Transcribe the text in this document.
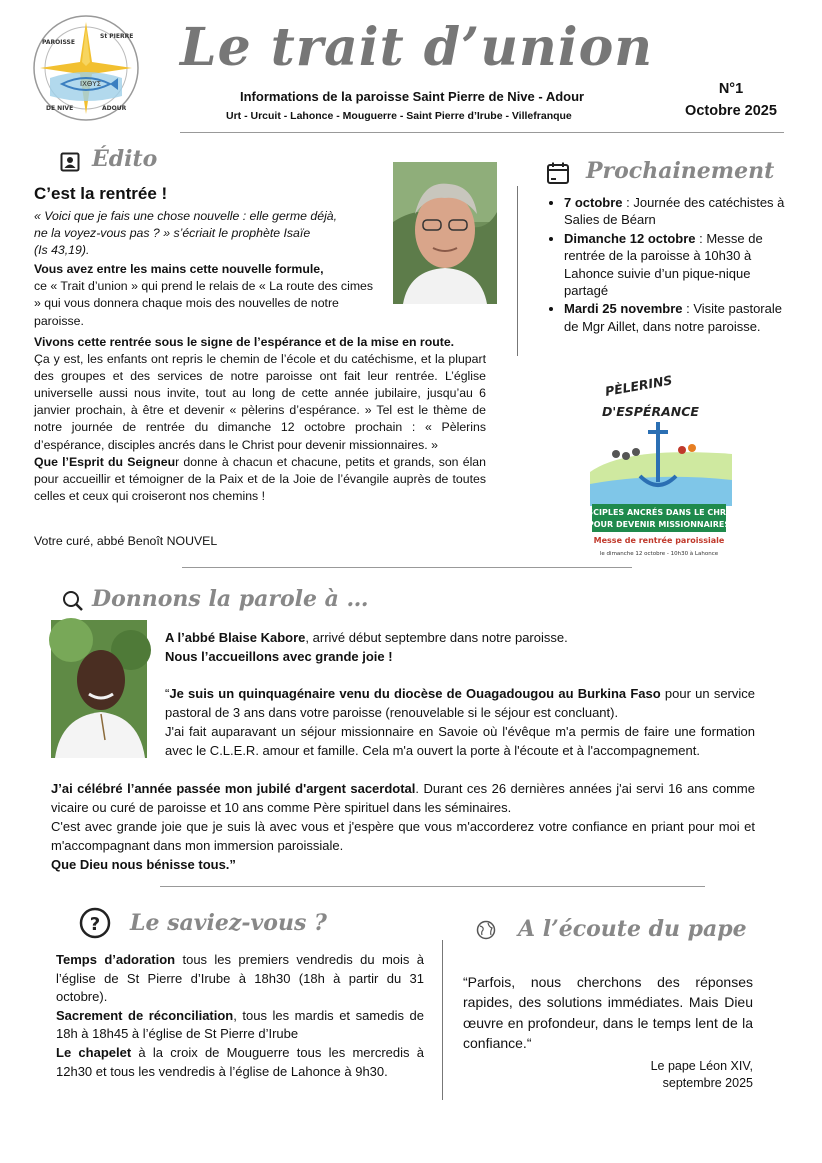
ΙΧΘΥΣ
PAROISSE
St PIERRE
DE NIVE	ADOUR
Le trait d’union
Informations de la paroisse Saint Pierre de Nive - Adour
Urt - Urcuit - Lahonce - Mouguerre - Saint Pierre d’Irube - Villefranque
N°1
Octobre 2025
Édito
C’est la rentrée !
« Voici que je fais une chose nouvelle : elle germe déjà,
ne la voyez-vous pas ? » s’écriait le prophète Isaïe
(Is 43,19).

Vous avez entre les mains cette nouvelle formule,

ce « Trait d’union » qui prend le relais de « La route des cimes » qui vous donnera chaque mois des nouvelles de notre paroisse.

Vivons cette rentrée sous le signe de l’espérance et de la mise en route.

Ça y est, les enfants ont repris le chemin de l’école et du catéchisme, et la plupart des groupes et des services de notre paroisse ont fait leur rentrée. L’église universelle aussi nous invite, tout au long de cette année jubilaire, jusqu’au 6 janvier prochain, à être et devenir « pèlerins d’espérance. » Tel est le thème de notre journée de rentrée du dimanche 12 octobre prochain : « Pèlerins d’espérance, disciples ancrés dans le Christ pour devenir missionnaires. »

Que l’Esprit du Seigneur donne à chacun et chacune, petits et grands, son élan pour accueillir et témoigner de la Paix et de la Joie de l’évangile auprès de toutes celles et ceux qui croiseront nos chemins !

Votre curé, abbé Benoît NOUVEL
Prochainement
• 7 octobre : Journée des catéchistes à Salies de Béarn
• Dimanche 12 octobre : Messe de rentrée de la paroisse à 10h30 à Lahonce suivie d’un pique-nique partagé
• Mardi 25 novembre : Visite pastorale de Mgr Aillet, dans notre paroisse.
PÈLERINS
D'ESPÉRANCE
DISCIPLES ANCRÉS DANS LE CHRIST
POUR DEVENIR MISSIONNAIRES
Messe de rentrée paroissiale
le dimanche 12 octobre - 10h30 à Lahonce
Donnons la parole à …

A l’abbé Blaise Kabore, arrivé début septembre dans notre paroisse.

Nous l’accueillons avec grande joie !

“Je suis un quinquagénaire venu du diocèse de Ouagadougou au Burkina Faso pour un service pastoral de 3 ans dans votre paroisse (renouvelable si le séjour est concluant).

J'ai fait auparavant un séjour missionnaire en Savoie où l'évêque m'a permis de faire une formation avec le C.L.E.R. amour et famille. Cela m'a ouvert la porte à l'écoute et à l'accompagnement.

J’ai célébré l’année passée mon jubilé d'argent sacerdotal. Durant ces 26 dernières années j'ai servi 16 ans comme vicaire ou curé de paroisse et 10 ans comme Père spirituel dans les séminaires.

C'est avec grande joie que je suis là avec vous et j'espère que vous m'accorderez votre confiance en priant pour moi et m'accompagnant dans mon immersion paroissiale.

Que Dieu nous bénisse tous.”

? Le saviez-vous ?

Temps d’adoration tous les premiers vendredis du mois à l’église de St Pierre d’Irube à 18h30 (18h à partir du 31 octobre).

Sacrement de réconciliation, tous les mardis et samedis de 18h à 18h45 à l’église de St Pierre d’Irube

Le chapelet à la croix de Mouguerre tous les mercredis à 12h30 et tous les vendredis à l’église de Lahonce à 9h30.

A l’écoute du pape

“Parfois, nous cherchons des réponses rapides, des solutions immédiates. Mais Dieu œuvre en profondeur, dans le temps lent de la confiance.“

Le pape Léon XIV,
septembre 2025
